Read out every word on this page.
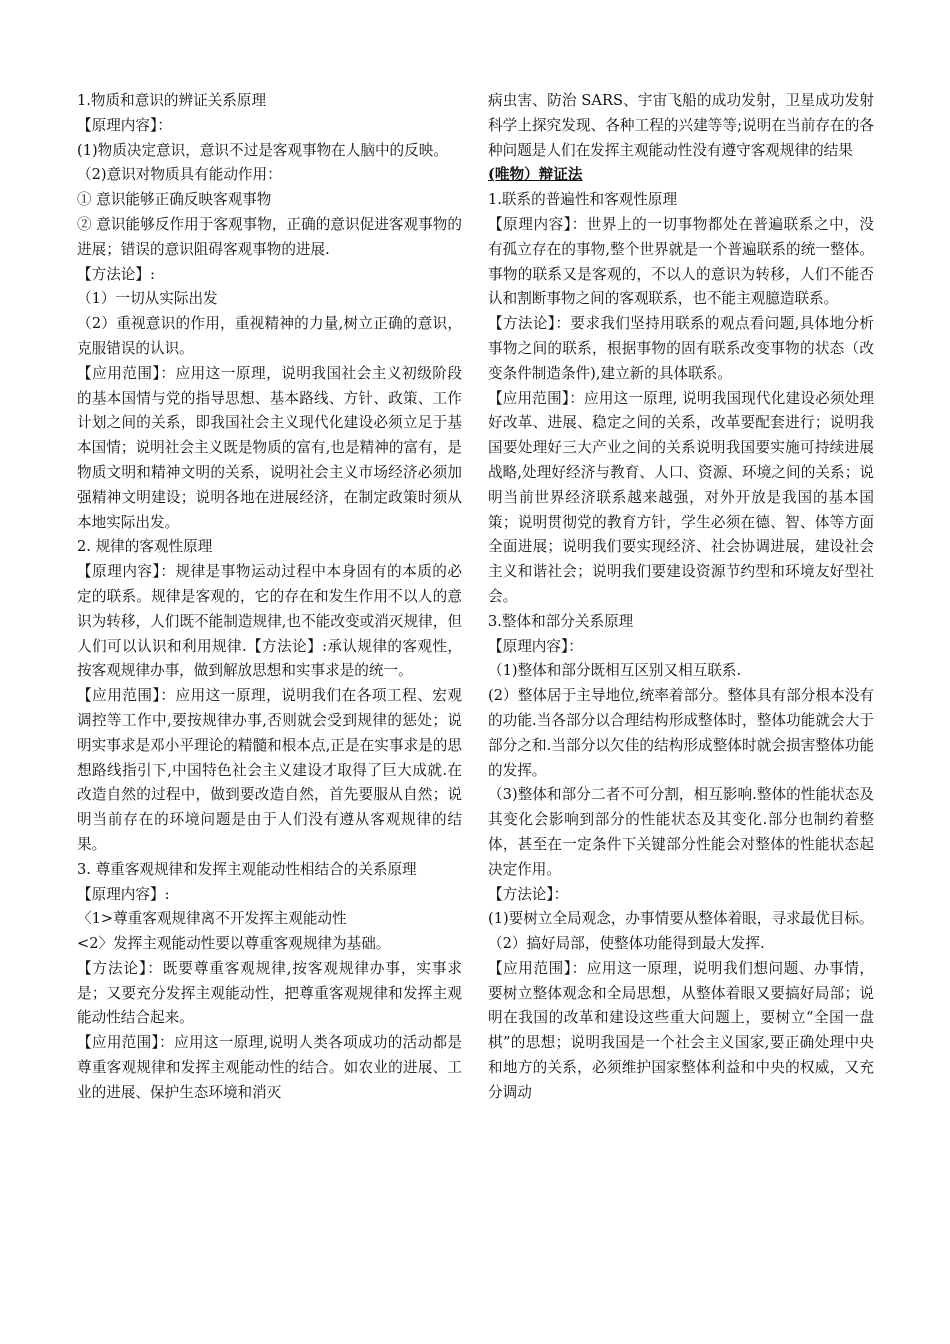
1.物质和意识的辨证关系原理

【原理内容】：

(1)物质决定意识，意识不过是客观事物在人脑中的反映。

（2)意识对物质具有能动作用：

① 意识能够正确反映客观事物

② 意识能够反作用于客观事物，正确的意识促进客观事物的进展；错误的意识阻碍客观事物的进展.

【方法论】:

（1）一切从实际出发

（2）重视意识的作用，重视精神的力量,树立正确的意识，克服错误的认识。

【应用范围】：应用这一原理，说明我国社会主义初级阶段的基本国情与党的指导思想、基本路线、方针、政策、工作计划之间的关系，即我国社会主义现代化建设必须立足于基本国情；说明社会主义既是物质的富有,也是精神的富有，是物质文明和精神文明的关系，说明社会主义市场经济必须加强精神文明建设；说明各地在进展经济，在制定政策时须从本地实际出发。

2. 规律的客观性原理

【原理内容】：规律是事物运动过程中本身固有的本质的必定的联系。规律是客观的，它的存在和发生作用不以人的意识为转移，人们既不能制造规律,也不能改变或消灭规律，但人们可以认识和利用规律.【方法论】:承认规律的客观性，按客观规律办事，做到解放思想和实事求是的统一。

【应用范围】：应用这一原理，说明我们在各项工程、宏观调控等工作中,要按规律办事,否则就会受到规律的惩处；说明实事求是邓小平理论的精髓和根本点,正是在实事求是的思想路线指引下,中国特色社会主义建设才取得了巨大成就.在改造自然的过程中，做到要改造自然，首先要服从自然；说明当前存在的环境问题是由于人们没有遵从客观规律的结果。

3. 尊重客观规律和发挥主观能动性相结合的关系原理

【原理内容】:

〈1>尊重客观规律离不开发挥主观能动性

<2〉发挥主观能动性要以尊重客观规律为基础。

【方法论】：既要尊重客观规律,按客观规律办事，实事求是；又要充分发挥主观能动性，把尊重客观规律和发挥主观能动性结合起来。

【应用范围】：应用这一原理,说明人类各项成功的活动都是尊重客观规律和发挥主观能动性的结合。如农业的进展、工业的进展、保护生态环境和消灭

病虫害、防治 SARS、宇宙飞船的成功发射，卫星成功发射科学上探究发现、各种工程的兴建等等;说明在当前存在的各种问题是人们在发挥主观能动性没有遵守客观规律的结果

(唯物）辩证法

1.联系的普遍性和客观性原理

【原理内容】：世界上的一切事物都处在普遍联系之中，没有孤立存在的事物,整个世界就是一个普遍联系的统一整体。事物的联系又是客观的，不以人的意识为转移，人们不能否认和割断事物之间的客观联系，也不能主观臆造联系。

【方法论】：要求我们坚持用联系的观点看问题,具体地分析事物之间的联系，根据事物的固有联系改变事物的状态（改变条件制造条件),建立新的具体联系。

【应用范围】：应用这一原理, 说明我国现代化建设必须处理好改革、进展、稳定之间的关系，改革要配套进行；说明我国要处理好三大产业之间的关系说明我国要实施可持续进展战略,处理好经济与教育、人口、资源、环境之间的关系；说明当前世界经济联系越来越强，对外开放是我国的基本国策；说明贯彻党的教育方针，学生必须在德、智、体等方面全面进展；说明我们要实现经济、社会协调进展，建设社会主义和谐社会；说明我们要建设资源节约型和环境友好型社会。

3.整体和部分关系原理

【原理内容】：

（1)整体和部分既相互区别又相互联系.

(2）整体居于主导地位,统率着部分。整体具有部分根本没有的功能.当各部分以合理结构形成整体时，整体功能就会大于部分之和.当部分以欠佳的结构形成整体时就会损害整体功能的发挥。

（3)整体和部分二者不可分割，相互影响.整体的性能状态及其变化会影响到部分的性能状态及其变化.部分也制约着整体，甚至在一定条件下关键部分性能会对整体的性能状态起决定作用。

【方法论】：

(1)要树立全局观念，办事情要从整体着眼，寻求最优目标。

（2）搞好局部，使整体功能得到最大发挥.

【应用范围】：应用这一原理，说明我们想问题、办事情，要树立整体观念和全局思想，从整体着眼又要搞好局部；说明在我国的改革和建设这些重大问题上，要树立“全国一盘棋”的思想；说明我国是一个社会主义国家,要正确处理中央和地方的关系，必须维护国家整体利益和中央的权威，又充分调动
